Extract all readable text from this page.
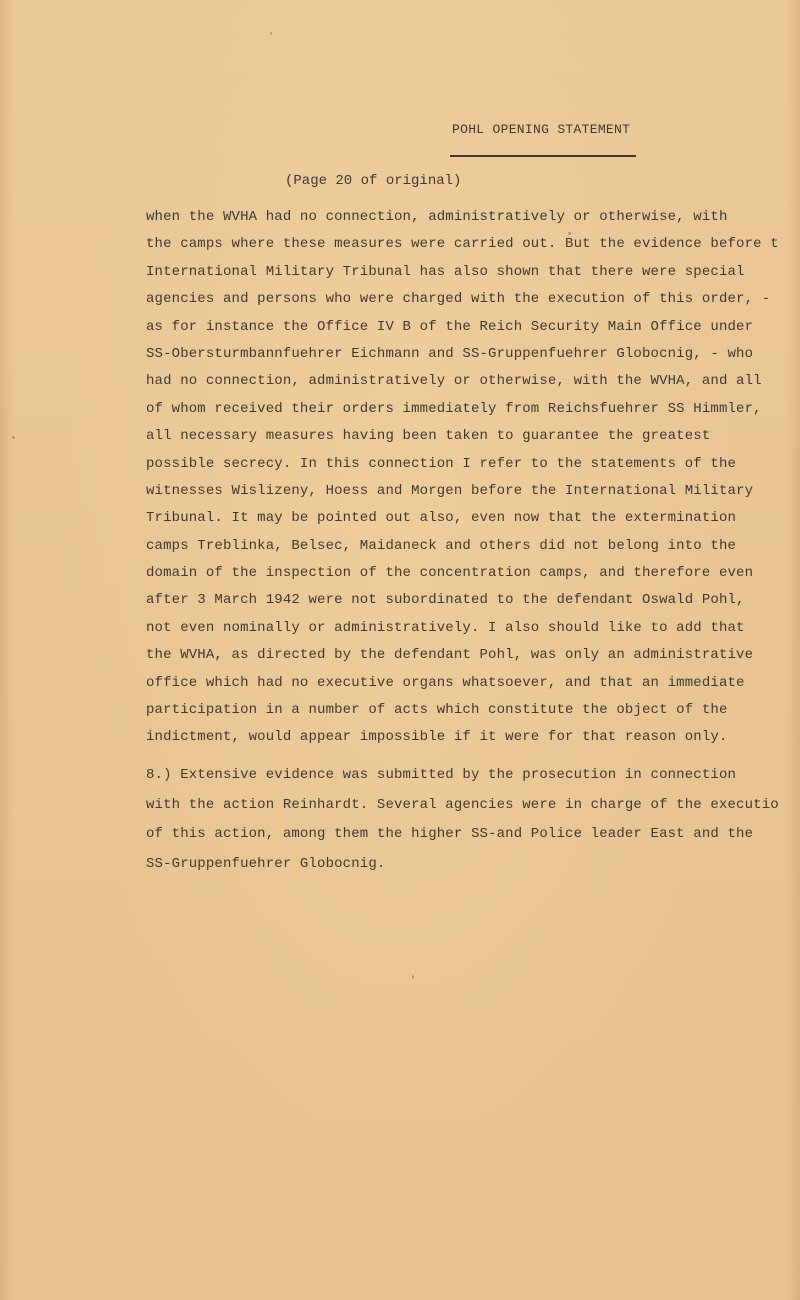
POHL OPENING STATEMENT
(Page 20 of original)
when the WVHA had no connection, administratively or otherwise, with
the camps where these measures were carried out. But the evidence before t
International Military Tribunal has also shown that there were special
agencies and persons who were charged with the execution of this order, -
as for instance the Office IV B of the Reich Security Main Office under
SS-Obersturmbannfuehrer Eichmann and SS-Gruppenfuehrer Globocnig, - who
had no connection, administratively or otherwise, with the WVHA, and all
of whom received their orders immediately from Reichsfuehrer SS Himmler,
all necessary measures having been taken to guarantee the greatest
possible secrecy. In this connection I refer to the statements of the
witnesses Wislizeny, Hoess and Morgen before the International Military
Tribunal. It may be pointed out also, even now that the extermination
camps Treblinka, Belsec, Maidaneck and others did not belong into the
domain of the inspection of the concentration camps, and therefore even
after 3 March 1942 were not subordinated to the defendant Oswald Pohl,
not even nominally or administratively. I also should like to add that
the WVHA, as directed by the defendant Pohl, was only an administrative
office which had no executive organs whatsoever, and that an immediate
participation in a number of acts which constitute the object of the
indictment, would appear impossible if it were for that reason only.
8.) Extensive evidence was submitted by the prosecution in connection
with the action Reinhardt. Several agencies were in charge of the executio
of this action, among them the higher SS-and Police leader East and the
SS-Gruppenfuehrer Globocnig.
